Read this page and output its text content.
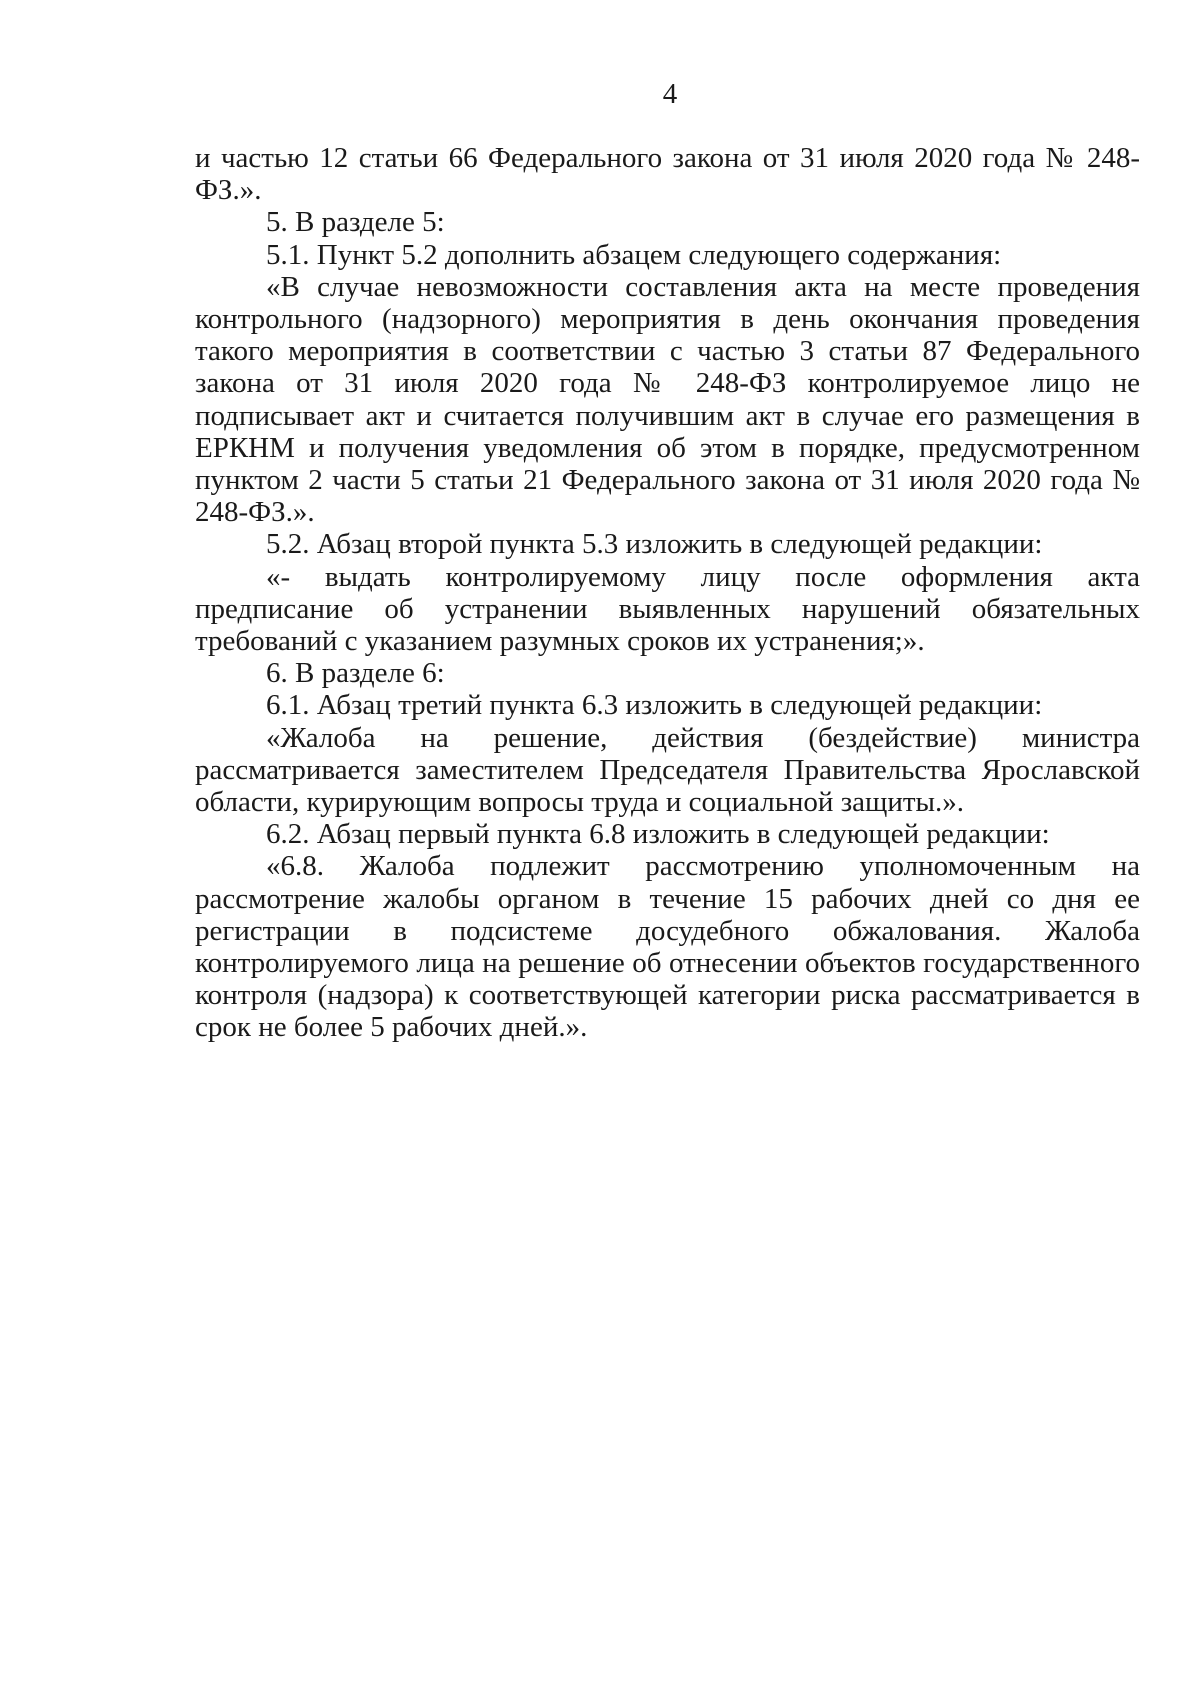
4

и частью 12 статьи 66 Федерального закона от 31 июля 2020 года № 248-ФЗ.».

5. В разделе 5:

5.1. Пункт 5.2 дополнить абзацем следующего содержания:

«В случае невозможности составления акта на месте проведения контрольного (надзорного) мероприятия в день окончания проведения такого мероприятия в соответствии с частью 3 статьи 87 Федерального закона от 31 июля 2020 года № 248-ФЗ контролируемое лицо не подписывает акт и считается получившим акт в случае его размещения в ЕРКНМ и получения уведомления об этом в порядке, предусмотренном пунктом 2 части 5 статьи 21 Федерального закона от 31 июля 2020 года № 248-ФЗ.».

5.2. Абзац второй пункта 5.3 изложить в следующей редакции:

«- выдать контролируемому лицу после оформления акта предписание об устранении выявленных нарушений обязательных требований с указанием разумных сроков их устранения;».

6. В разделе 6:

6.1. Абзац третий пункта 6.3 изложить в следующей редакции:

«Жалоба на решение, действия (бездействие) министра рассматривается заместителем Председателя Правительства Ярославской области, курирующим вопросы труда и социальной защиты.».

6.2. Абзац первый пункта 6.8 изложить в следующей редакции:

«6.8. Жалоба подлежит рассмотрению уполномоченным на рассмотрение жалобы органом в течение 15 рабочих дней со дня ее регистрации в подсистеме досудебного обжалования. Жалоба контролируемого лица на решение об отнесении объектов государственного контроля (надзора) к соответствующей категории риска рассматривается в срок не более 5 рабочих дней.».
